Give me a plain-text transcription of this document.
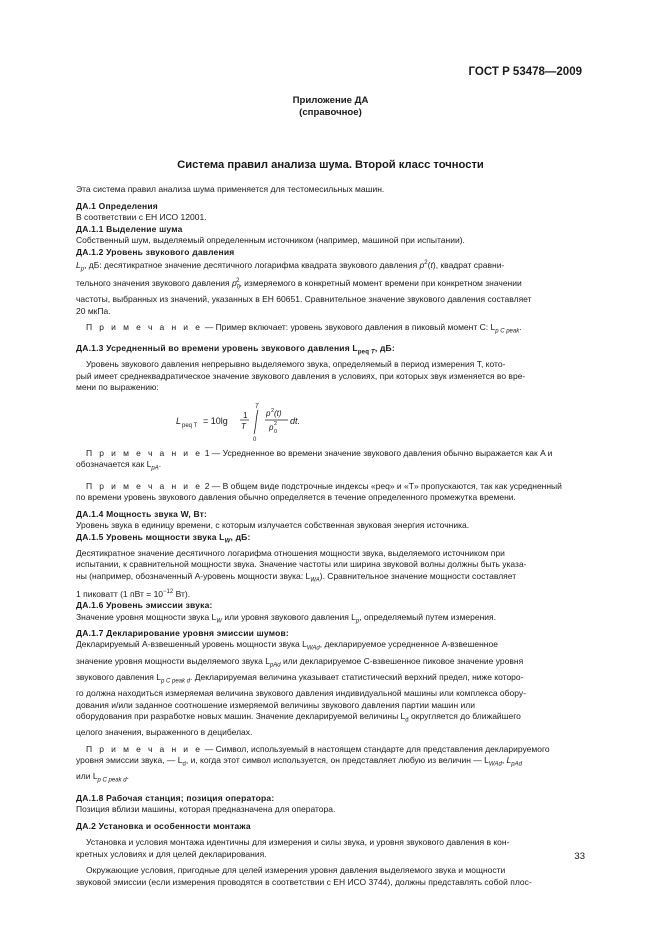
ГОСТ Р 53478—2009
Приложение ДА
(справочное)
Система правил анализа шума. Второй класс точности

Эта система правил анализа шума применяется для тестомесильных машин.

ДА.1 Определения

В соответствии с ЕН ИСО 12001.

ДА.1.1 Выделение шума

Собственный шум, выделяемый определенным источником (например, машиной при испытании).

ДА.1.2 Уровень звукового давления

$L_p$, дБ: десятикратное значение десятичного логарифма квадрата звукового давления $p^2(t)$, квадрат сравни-

тельного значения звукового давления $p_0^2$, измеряемого в конкретный момент времени при конкретном значении

частоты, выбранных из значений, указанных в ЕН 60651. Сравнительное значение звукового давления составляет

20 мкПа.

П р и м е ч а н и е — Пример включает: уровень звукового давления в пиковый момент C: $L_{p C peak}$.

ДА.1.3 Усредненный во времени уровень звукового давления $L_{peq T}$, дБ:

Уровень звукового давления непрерывно выделяемого звука, определяемый в период измерения T, кото-

рый имеет среднеквадратическое значение звукового давления в условиях, при которых звук изменяется во вре-

мени по выражению:

L peq T = 10lg
1
T
T
0
p 2 (t)
p 2
0
dt.

П р и м е ч а н и е 1 — Усредненное во времени значение звукового давления обычно выражается как A и

обозначается как $L_{pA}$.

П р и м е ч а н и е 2 — В общем виде подстрочные индексы «peq» и «T» пропускаются, так как усредненный

по времени уровень звукового давления обычно определяется в течение определенного промежутка времени.

ДА.1.4 Мощность звука W, Вт:

Уровень звука в единицу времени, с которым излучается собственная звуковая энергия источника.

ДА.1.5 Уровень мощности звука $L_W$, дБ:

Десятикратное значение десятичного логарифма отношения мощности звука, выделяемого источником при

испытании, к сравнительной мощности звука. Значение частоты или ширина звуковой волны должны быть указа-

ны (например, обозначенный A-уровень мощности звука: $L_{WA}$). Сравнительное значение мощности составляет

1 пиковатт (1 пВт = $10^{-12}$ Вт).

ДА.1.6 Уровень эмиссии звука:

Значение уровня мощности звука $L_W$ или уровня звукового давления $L_p$, определяемый путем измерения.

ДА.1.7 Декларирование уровня эмиссии шумов:

Декларируемый A-взвешенный уровень мощности звука $L_{WAd}$, декларируемое усредненное A-взвешенное

значение уровня мощности выделяемого звука $L_{pAd}$ или декларируемое C-взвешенное пиковое значение уровня

звукового давления $L_{p C peak d}$. Декларируемая величина указывает статистический верхний предел, ниже которо-

го должна находиться измеряемая величина звукового давления индивидуальной машины или комплекса обору-

дования и/или заданное соотношение измеряемой величины звукового давления партии машин или

оборудования при разработке новых машин. Значение декларируемой величины $L_d$ округляется до ближайшего

целого значения, выраженного в децибелах.

П р и м е ч а н и е — Символ, используемый в настоящем стандарте для представления декларируемого

уровня эмиссии звука, — $L_d$, и, когда этот символ используется, он представляет любую из величин — $L_{WAd}$, $L_{pAd}$

или $L_{p C peak d}$.

ДА.1.8 Рабочая станция; позиция оператора:

Позиция вблизи машины, которая предназначена для оператора.

ДА.2 Установка и особенности монтажа

Установка и условия монтажа идентичны для измерения и силы звука, и уровня звукового давления в кон-

кретных условиях и для целей декларирования.

Окружающие условия, пригодные для целей измерения уровня давления выделяемого звука и мощности

звуковой эмиссии (если измерения проводятся в соответствии с ЕН ИСО 3744), должны представлять собой плос-

33
